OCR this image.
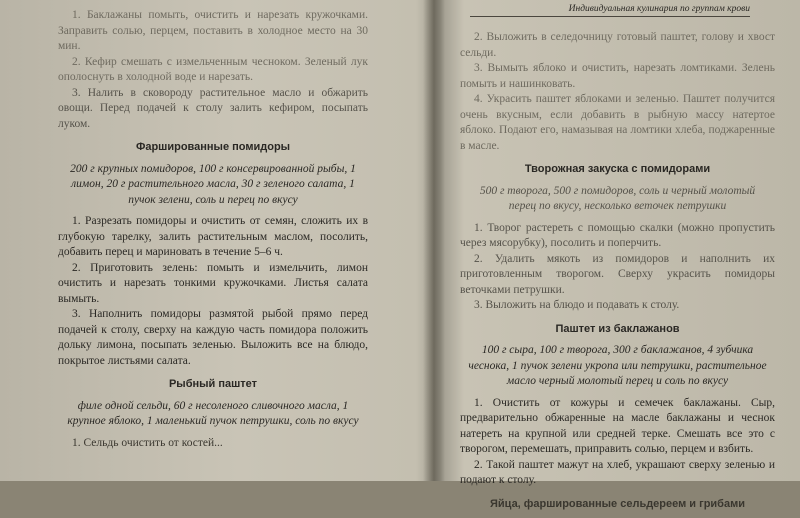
1. Баклажаны помыть, очистить и нарезать кружочками. Заправить солью, перцем, поставить в холодное место на 30 мин.

2. Кефир смешать с измельченным чесноком. Зеленый лук ополоснуть в холодной воде и нарезать.

3. Налить в сковороду растительное масло и обжарить овощи. Перед подачей к столу залить кефиром, посыпать луком.

Фаршированные помидоры
200 г крупных помидоров, 100 г консервированной рыбы, 1 лимон, 20 г растительного масла, 30 г зеленого салата, 1 пучок зелени, соль и перец по вкусу

1. Разрезать помидоры и очистить от семян, сложить их в глубокую тарелку, залить растительным маслом, посолить, добавить перец и мариновать в течение 5–6 ч.

2. Приготовить зелень: помыть и измельчить, лимон очистить и нарезать тонкими кружочками. Листья салата вымыть.

3. Наполнить помидоры размятой рыбой прямо перед подачей к столу, сверху на каждую часть помидора положить дольку лимона, посыпать зеленью. Выложить все на блюдо, покрытое листьями салата.

Рыбный паштет
филе одной сельди, 60 г несоленого сливочного масла, 1 крупное яблоко, 1 маленький пучок петрушки, соль по вкусу

1. Сельдь очистить от костей...

Индивидуальная кулинария по группам крови

2. Выложить в селедочницу готовый паштет, голову и хвост сельди.

3. Вымыть яблоко и очистить, нарезать ломтиками. Зелень помыть и нашинковать.

4. Украсить паштет яблоками и зеленью. Паштет получится очень вкусным, если добавить в рыбную массу натертое яблоко. Подают его, намазывая на ломтики хлеба, поджаренные в масле.

Творожная закуска с помидорами
500 г творога, 500 г помидоров, соль и черный молотый перец по вкусу, несколько веточек петрушки

1. Творог растереть с помощью скалки (можно пропустить через мясорубку), посолить и поперчить.

2. Удалить мякоть из помидоров и наполнить их приготовленным творогом. Сверху украсить помидоры веточками петрушки.

3. Выложить на блюдо и подавать к столу.

Паштет из баклажанов
100 г сыра, 100 г творога, 300 г баклажанов, 4 зубчика чеснока, 1 пучок зелени укропа или петрушки, растительное масло черный молотый перец и соль по вкусу

1. Очистить от кожуры и семечек баклажаны. Сыр, предварительно обжаренные на масле баклажаны и чеснок натереть на крупной или средней терке. Смешать все это с творогом, перемешать, приправить солью, перцем и взбить.

2. Такой паштет мажут на хлеб, украшают сверху зеленью и подают к столу.

Яйца, фаршированные сельдереем и грибами
